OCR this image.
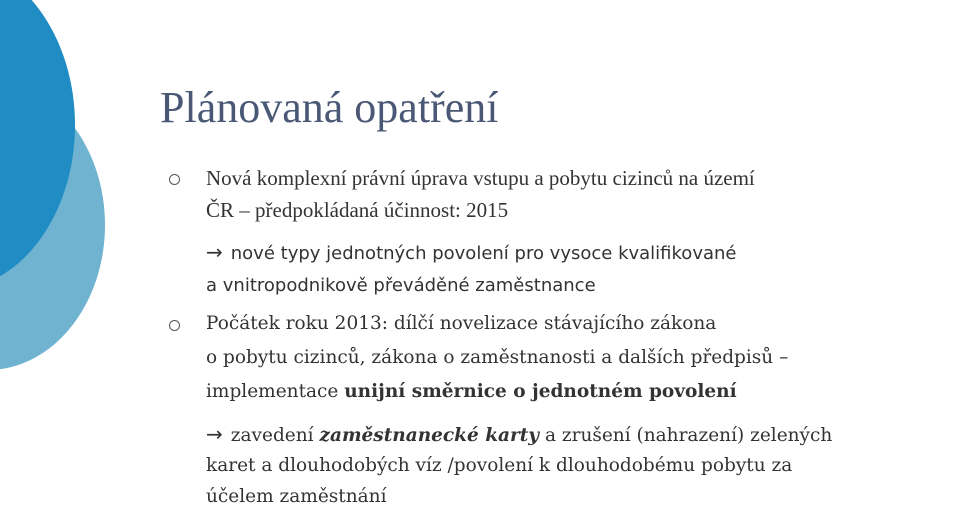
Plánovaná opatření

Nová komplexní právní úprava vstupu a pobytu cizinců na území

ČR – předpokládaná účinnost: 2015

→ nové typy jednotných povolení pro vysoce kvalifikované

a vnitropodnikově převáděné zaměstnance

Počátek roku 2013: dílčí novelizace stávajícího zákona

o pobytu cizinců, zákona o zaměstnanosti a dalších předpisů –

implementace unijní směrnice o jednotném povolení

→ zavedení zaměstnanecké karty a zrušení (nahrazení) zelených

karet a dlouhodobých víz /povolení k dlouhodobému pobytu za

účelem zaměstnání
